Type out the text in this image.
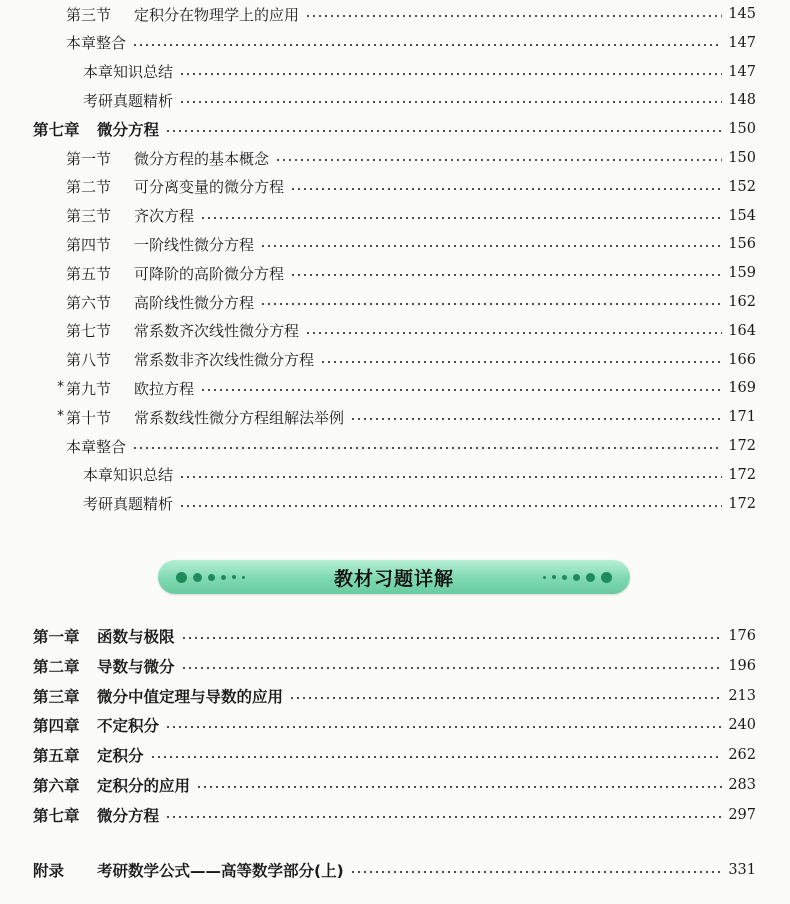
第三节	定积分在物理学上的应用	145
本章整合	147
本章知识总结	147
考研真题精析	148
第七章	微分方程	150
第一节	微分方程的基本概念	150
第二节	可分离变量的微分方程	152
第三节	齐次方程	154
第四节	一阶线性微分方程	156
第五节	可降阶的高阶微分方程	159
第六节	高阶线性微分方程	162
第七节	常系数齐次线性微分方程	164
第八节	常系数非齐次线性微分方程	166
* 第九节	欧拉方程	169
* 第十节	常系数线性微分方程组解法举例	171
本章整合	172
本章知识总结	172
考研真题精析	172
教材习题详解
第一章	函数与极限	176
第二章	导数与微分	196
第三章	微分中值定理与导数的应用	213
第四章	不定积分	240
第五章	定积分	262
第六章	定积分的应用	283
第七章	微分方程	297
附录	考研数学公式——高等数学部分(上)	331
